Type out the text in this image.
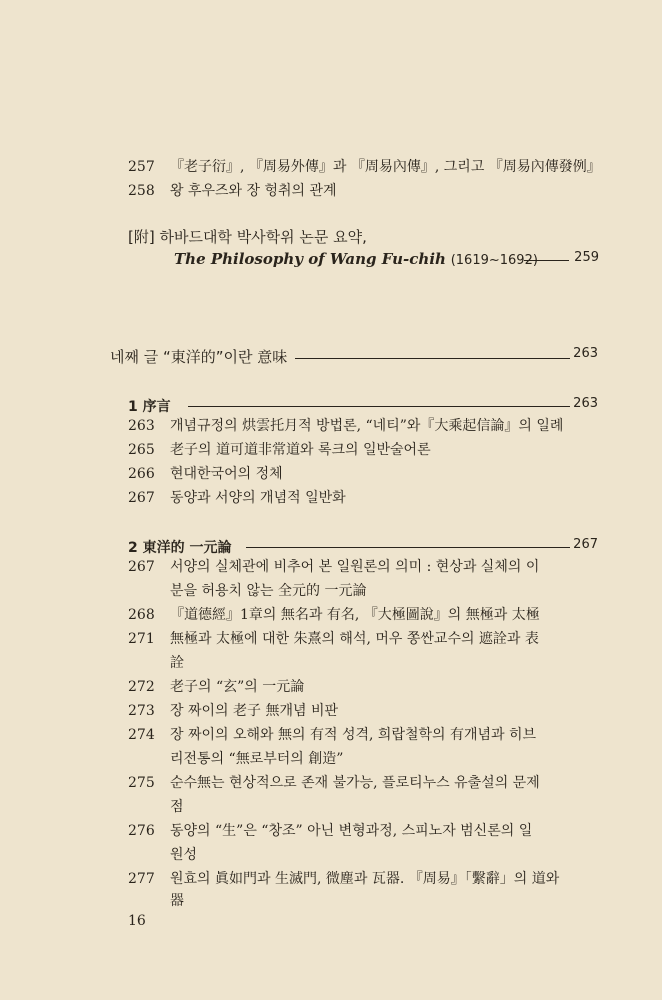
257	『老子衍』, 『周易外傳』과 『周易內傳』, 그리고 『周易內傳發例』
258	왕 후우즈와 장 헝취의 관계
[附] 하바드대학 박사학위 논문 요약,
The Philosophy of Wang Fu-chih (1619~1692)	259
네째 글 “東洋的”이란 意味	263
1 序言	263
263	개념규정의 烘雲托月적 방법론, “네티”와『大乘起信論』의 일례
265	老子의 道可道非常道와 록크의 일반술어론
266	현대한국어의 정체
267	동양과 서양의 개념적 일반화
2 東洋的 一元論	267
267	서양의 실체관에 비추어 본 일원론의 의미 : 현상과 실체의 이
분을 허용치 않는 全元的 一元論
268	『道德經』1章의 無名과 有名, 『大極圖說』의 無極과 太極
271	無極과 太極에 대한 朱熹의 해석, 머우 쫑싼교수의 遮詮과 表
詮
272	老子의 “玄”의 一元論
273	장 짜이의 老子 無개념 비판
274	장 짜이의 오해와 無의 有적 성격, 희랍철학의 有개념과 히브
리전통의 “無로부터의 創造”
275	순수無는 현상적으로 존재 불가능, 플로티누스 유출설의 문제
점
276	동양의 “生”은 “창조” 아닌 변형과정, 스피노자 범신론의 일
원성
277	원효의 眞如門과 生滅門, 微塵과 瓦器. 『周易』「繫辭」의 道와
器
16
